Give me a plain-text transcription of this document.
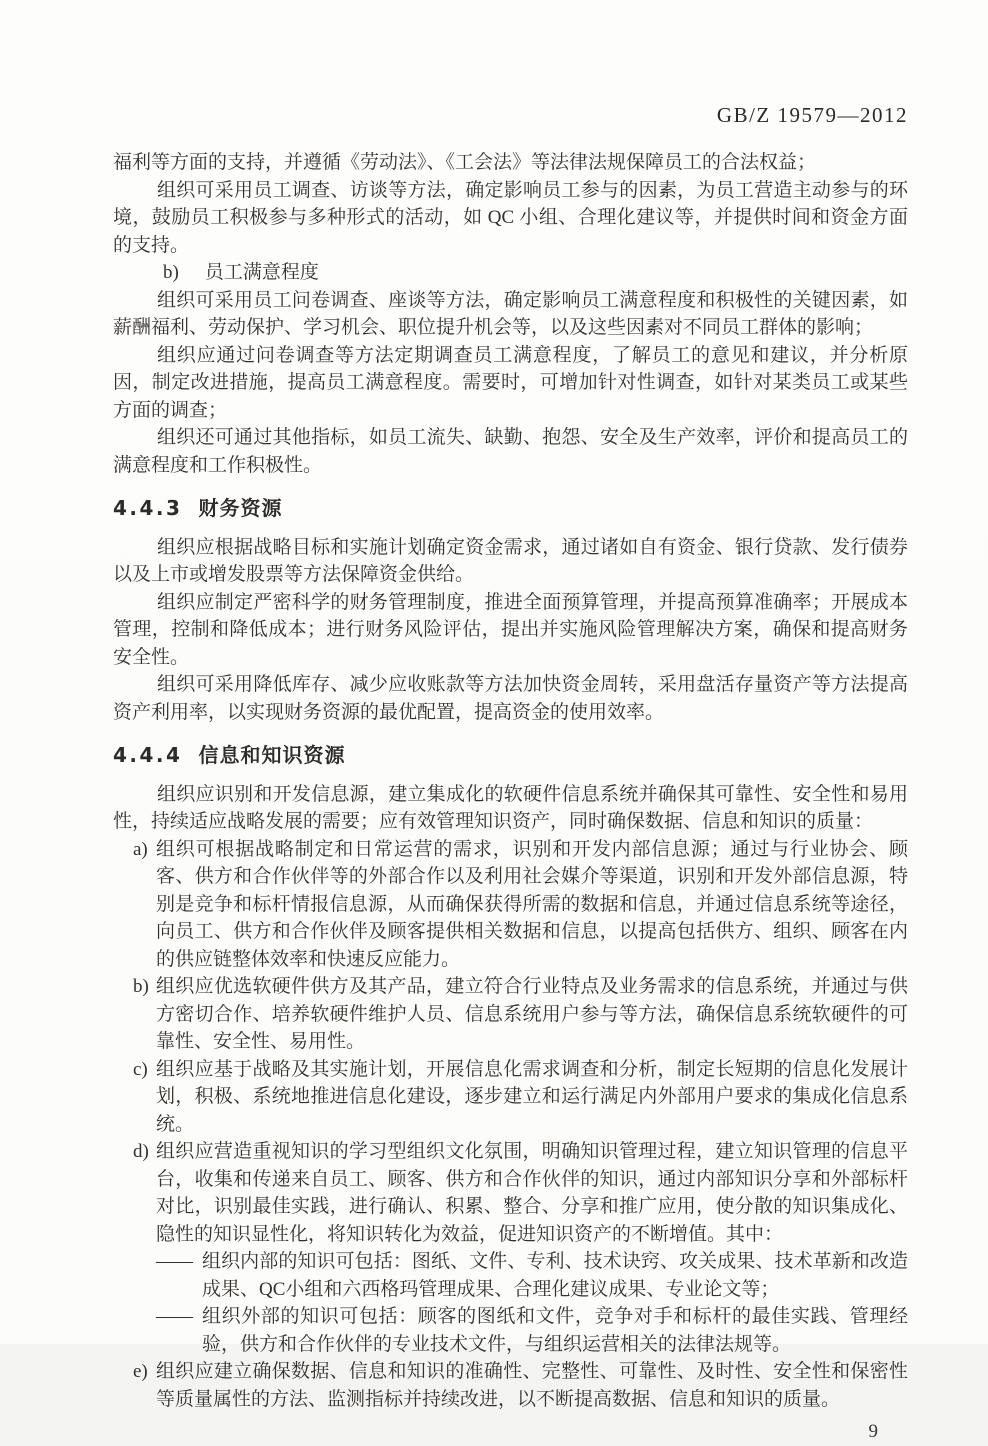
GB/Z 19579—2012

福利等方面的支持，并遵循《劳动法》、《工会法》等法律法规保障员工的合法权益；

组织可采用员工调查、访谈等方法，确定影响员工参与的因素，为员工营造主动参与的环境，鼓励员工积极参与多种形式的活动，如 QC 小组、合理化建议等，并提供时间和资金方面的支持。

b) 员工满意程度

组织可采用员工问卷调查、座谈等方法，确定影响员工满意程度和积极性的关键因素，如薪酬福利、劳动保护、学习机会、职位提升机会等，以及这些因素对不同员工群体的影响；

组织应通过问卷调查等方法定期调查员工满意程度，了解员工的意见和建议，并分析原因，制定改进措施，提高员工满意程度。需要时，可增加针对性调查，如针对某类员工或某些方面的调查；

组织还可通过其他指标，如员工流失、缺勤、抱怨、安全及生产效率，评价和提高员工的满意程度和工作积极性。

4.4.3 财务资源

组织应根据战略目标和实施计划确定资金需求，通过诸如自有资金、银行贷款、发行债券以及上市或增发股票等方法保障资金供给。

组织应制定严密科学的财务管理制度，推进全面预算管理，并提高预算准确率；开展成本管理，控制和降低成本；进行财务风险评估，提出并实施风险管理解决方案，确保和提高财务安全性。

组织可采用降低库存、减少应收账款等方法加快资金周转，采用盘活存量资产等方法提高资产利用率，以实现财务资源的最优配置，提高资金的使用效率。

4.4.4 信息和知识资源

组织应识别和开发信息源，建立集成化的软硬件信息系统并确保其可靠性、安全性和易用性，持续适应战略发展的需要；应有效管理知识资产，同时确保数据、信息和知识的质量：

a) 组织可根据战略制定和日常运营的需求，识别和开发内部信息源；通过与行业协会、顾客、供方和合作伙伴等的外部合作以及利用社会媒介等渠道，识别和开发外部信息源，特别是竞争和标杆情报信息源，从而确保获得所需的数据和信息，并通过信息系统等途径，向员工、供方和合作伙伴及顾客提供相关数据和信息，以提高包括供方、组织、顾客在内的供应链整体效率和快速反应能力。
b) 组织应优选软硬件供方及其产品，建立符合行业特点及业务需求的信息系统，并通过与供方密切合作、培养软硬件维护人员、信息系统用户参与等方法，确保信息系统软硬件的可靠性、安全性、易用性。
c) 组织应基于战略及其实施计划，开展信息化需求调查和分析，制定长短期的信息化发展计划，积极、系统地推进信息化建设，逐步建立和运行满足内外部用户要求的集成化信息系统。
d) 组织应营造重视知识的学习型组织文化氛围，明确知识管理过程，建立知识管理的信息平台，收集和传递来自员工、顾客、供方和合作伙伴的知识，通过内部知识分享和外部标杆对比，识别最佳实践，进行确认、积累、整合、分享和推广应用，使分散的知识集成化、隐性的知识显性化，将知识转化为效益，促进知识资产的不断增值。其中：
—— 组织内部的知识可包括：图纸、文件、专利、技术诀窍、攻关成果、技术革新和改造成果、QC小组和六西格玛管理成果、合理化建议成果、专业论文等；
—— 组织外部的知识可包括：顾客的图纸和文件，竞争对手和标杆的最佳实践、管理经验，供方和合作伙伴的专业技术文件，与组织运营相关的法律法规等。
e) 组织应建立确保数据、信息和知识的准确性、完整性、可靠性、及时性、安全性和保密性等质量属性的方法、监测指标并持续改进，以不断提高数据、信息和知识的质量。
9
